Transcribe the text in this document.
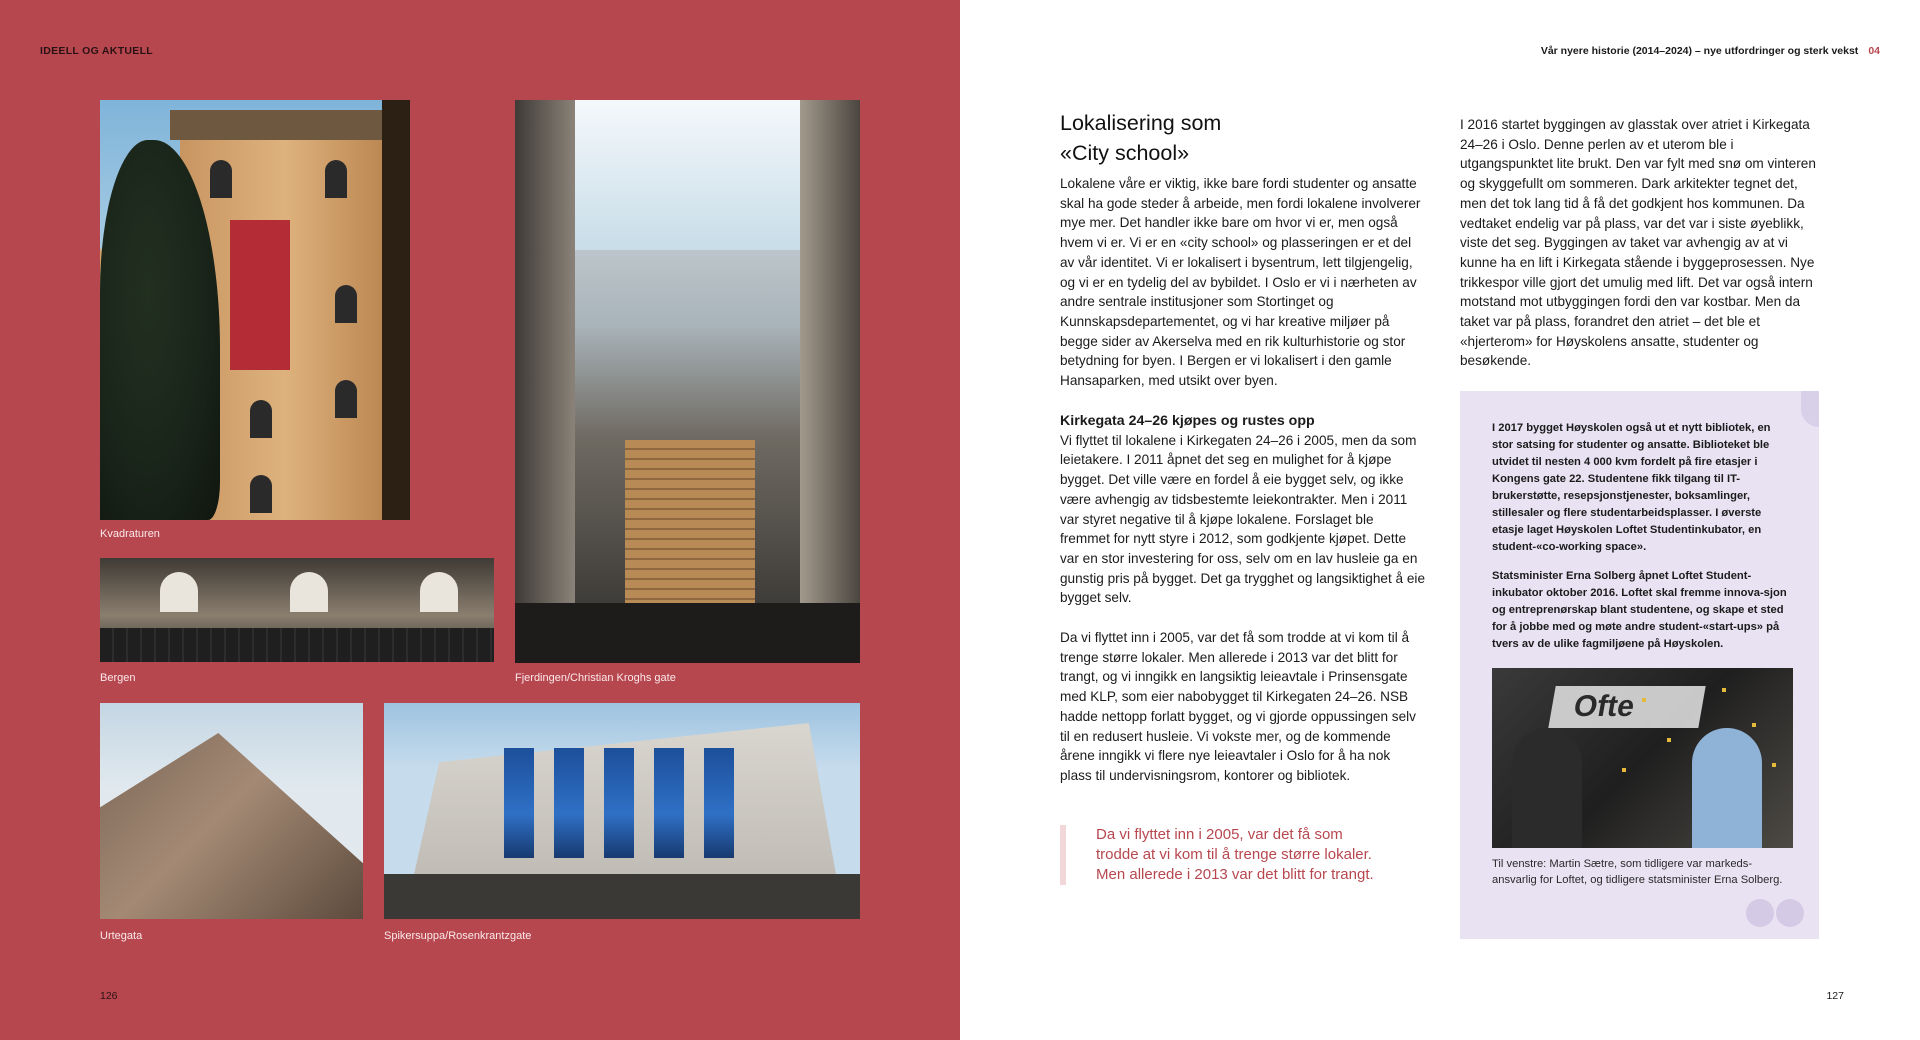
IDEELL OG AKTUELL
Kvadraturen
Bergen	Fjerdingen/Christian Kroghs gate
Urtegata	Spikersuppa/Rosenkrantzgate
126
Vår nyere historie (2014–2024) – nye utfordringer og sterk vekst 04
Lokalisering som
«City school»

Lokalene våre er viktig, ikke bare fordi studenter og ansatte skal ha gode steder å arbeide, men fordi lokalene involverer mye mer. Det handler ikke bare om hvor vi er, men også hvem vi er. Vi er en «city school» og plasseringen er et del av vår identitet. Vi er lokalisert i bysentrum, lett tilgjengelig, og vi er en tydelig del av bybildet. I Oslo er vi i nærheten av andre sentrale institusjoner som Stortinget og Kunnskapsdepartementet, og vi har kreative miljøer på begge sider av Akerselva med en rik kulturhistorie og stor betydning for byen. I Bergen er vi lokalisert i den gamle Hansaparken, med utsikt over byen.

Kirkegata 24–26 kjøpes og rustes opp

Vi flyttet til lokalene i Kirkegaten 24–26 i 2005, men da som leietakere. I 2011 åpnet det seg en mulighet for å kjøpe bygget. Det ville være en fordel å eie bygget selv, og ikke være avhengig av tidsbestemte leiekontrakter. Men i 2011 var styret negative til å kjøpe lokalene. Forslaget ble fremmet for nytt styre i 2012, som godkjente kjøpet. Dette var en stor investering for oss, selv om en lav husleie ga en gunstig pris på bygget. Det ga trygghet og langsiktighet å eie bygget selv.

Da vi flyttet inn i 2005, var det få som trodde at vi kom til å trenge større lokaler. Men allerede i 2013 var det blitt for trangt, og vi inngikk en langsiktig leieavtale i Prinsensgate med KLP, som eier nabobygget til Kirkegaten 24–26. NSB hadde nettopp forlatt bygget, og vi gjorde oppussingen selv til en redusert husleie. Vi vokste mer, og de kommende årene inngikk vi flere nye leieavtaler i Oslo for å ha nok plass til undervisningsrom, kontorer og bibliotek.

Da vi flyttet inn i 2005, var det få som trodde at vi kom til å trenge større lokaler. Men allerede i 2013 var det blitt for trangt.

I 2016 startet byggingen av glasstak over atriet i Kirkegata 24–26 i Oslo. Denne perlen av et uterom ble i utgangspunktet lite brukt. Den var fylt med snø om vinteren og skyggefullt om sommeren. Dark arkitekter tegnet det, men det tok lang tid å få det godkjent hos kommunen. Da vedtaket endelig var på plass, var det var i siste øyeblikk, viste det seg. Byggingen av taket var avhengig av at vi kunne ha en lift i Kirkegata stående i byggeprosessen. Nye trikkespor ville gjort det umulig med lift. Det var også intern motstand mot utbyggingen fordi den var kostbar. Men da taket var på plass, forandret den atriet – det ble et «hjerterom» for Høyskolens ansatte, studenter og besøkende.

I 2017 bygget Høyskolen også ut et nytt bibliotek, en stor satsing for studenter og ansatte. Biblioteket ble utvidet til nesten 4 000 kvm fordelt på fire etasjer i Kongens gate 22. Studentene fikk tilgang til IT-brukerstøtte, resepsjonstjenester, boksamlinger, stillesaler og flere studentarbeidsplasser. I øverste etasje laget Høyskolen Loftet Studentinkubator, en student-«co-working space».

Statsminister Erna Solberg åpnet Loftet Student-inkubator oktober 2016. Loftet skal fremme innova-sjon og entreprenørskap blant studentene, og skape et sted for å jobbe med og møte andre student-«start-ups» på tvers av de ulike fagmiljøene på Høyskolen.

Ofte
Til venstre: Martin Sætre, som tidligere var markeds-ansvarlig for Loftet, og tidligere statsminister Erna Solberg.
127
